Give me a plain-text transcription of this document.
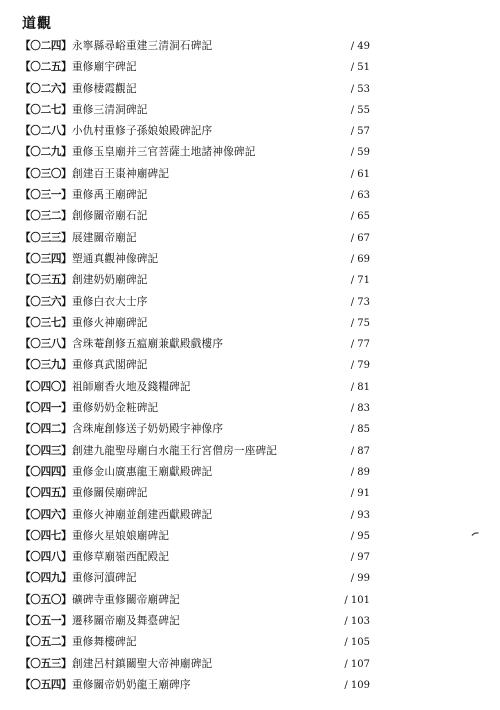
道觀
【〇二四】 永寧縣尋峪重建三清洞石碑記	/ 49
【〇二五】 重修廟宇碑記	/ 51
【〇二六】 重修棲霞觀記	/ 53
【〇二七】 重修三清洞碑記	/ 55
【〇二八】 小仇村重修子孫娘娘殿碑記序	/ 57
【〇二九】 重修玉皇廟并三官菩薩土地諸神像碑記	/ 59
【〇三〇】 創建百王棗神廟碑記	/ 61
【〇三一】 重修禹王廟碑記	/ 63
【〇三二】 創修關帝廟石記	/ 65
【〇三三】 展建關帝廟記	/ 67
【〇三四】 塑通真觀神像碑記	/ 69
【〇三五】 創建奶奶廟碑記	/ 71
【〇三六】 重修白衣大士序	/ 73
【〇三七】 重修火神廟碑記	/ 75
【〇三八】 含珠菴創修五瘟廟兼獻殿戲樓序	/ 77
【〇三九】 重修真武閣碑記	/ 79
【〇四〇】 祖師廟香火地及錢糧碑記	/ 81
【〇四一】 重修奶奶金粧碑記	/ 83
【〇四二】 含珠庵創修送子奶奶殿宇神像序	/ 85
【〇四三】 創建九龍聖母廟白水龍王行宮僧房一座碑記	/ 87
【〇四四】 重修金山廣惠龍王廟獻殿碑記	/ 89
【〇四五】 重修關侯廟碑記	/ 91
【〇四六】 重修火神廟並創建西獻殿碑記	/ 93
【〇四七】 重修火星娘娘廟碑記	/ 95
【〇四八】 重修草廟嶺西配殿記	/ 97
【〇四九】 重修河瀆碑記	/ 99
【〇五〇】 礦碑寺重修關帝廟碑記	/ 101
【〇五一】 遷移關帝廟及舞臺碑記	/ 103
【〇五二】 重修舞樓碑記	/ 105
【〇五三】 創建呂村鎮關聖大帝神廟碑記	/ 107
【〇五四】 重修關帝奶奶龍王廟碑序	/ 109
